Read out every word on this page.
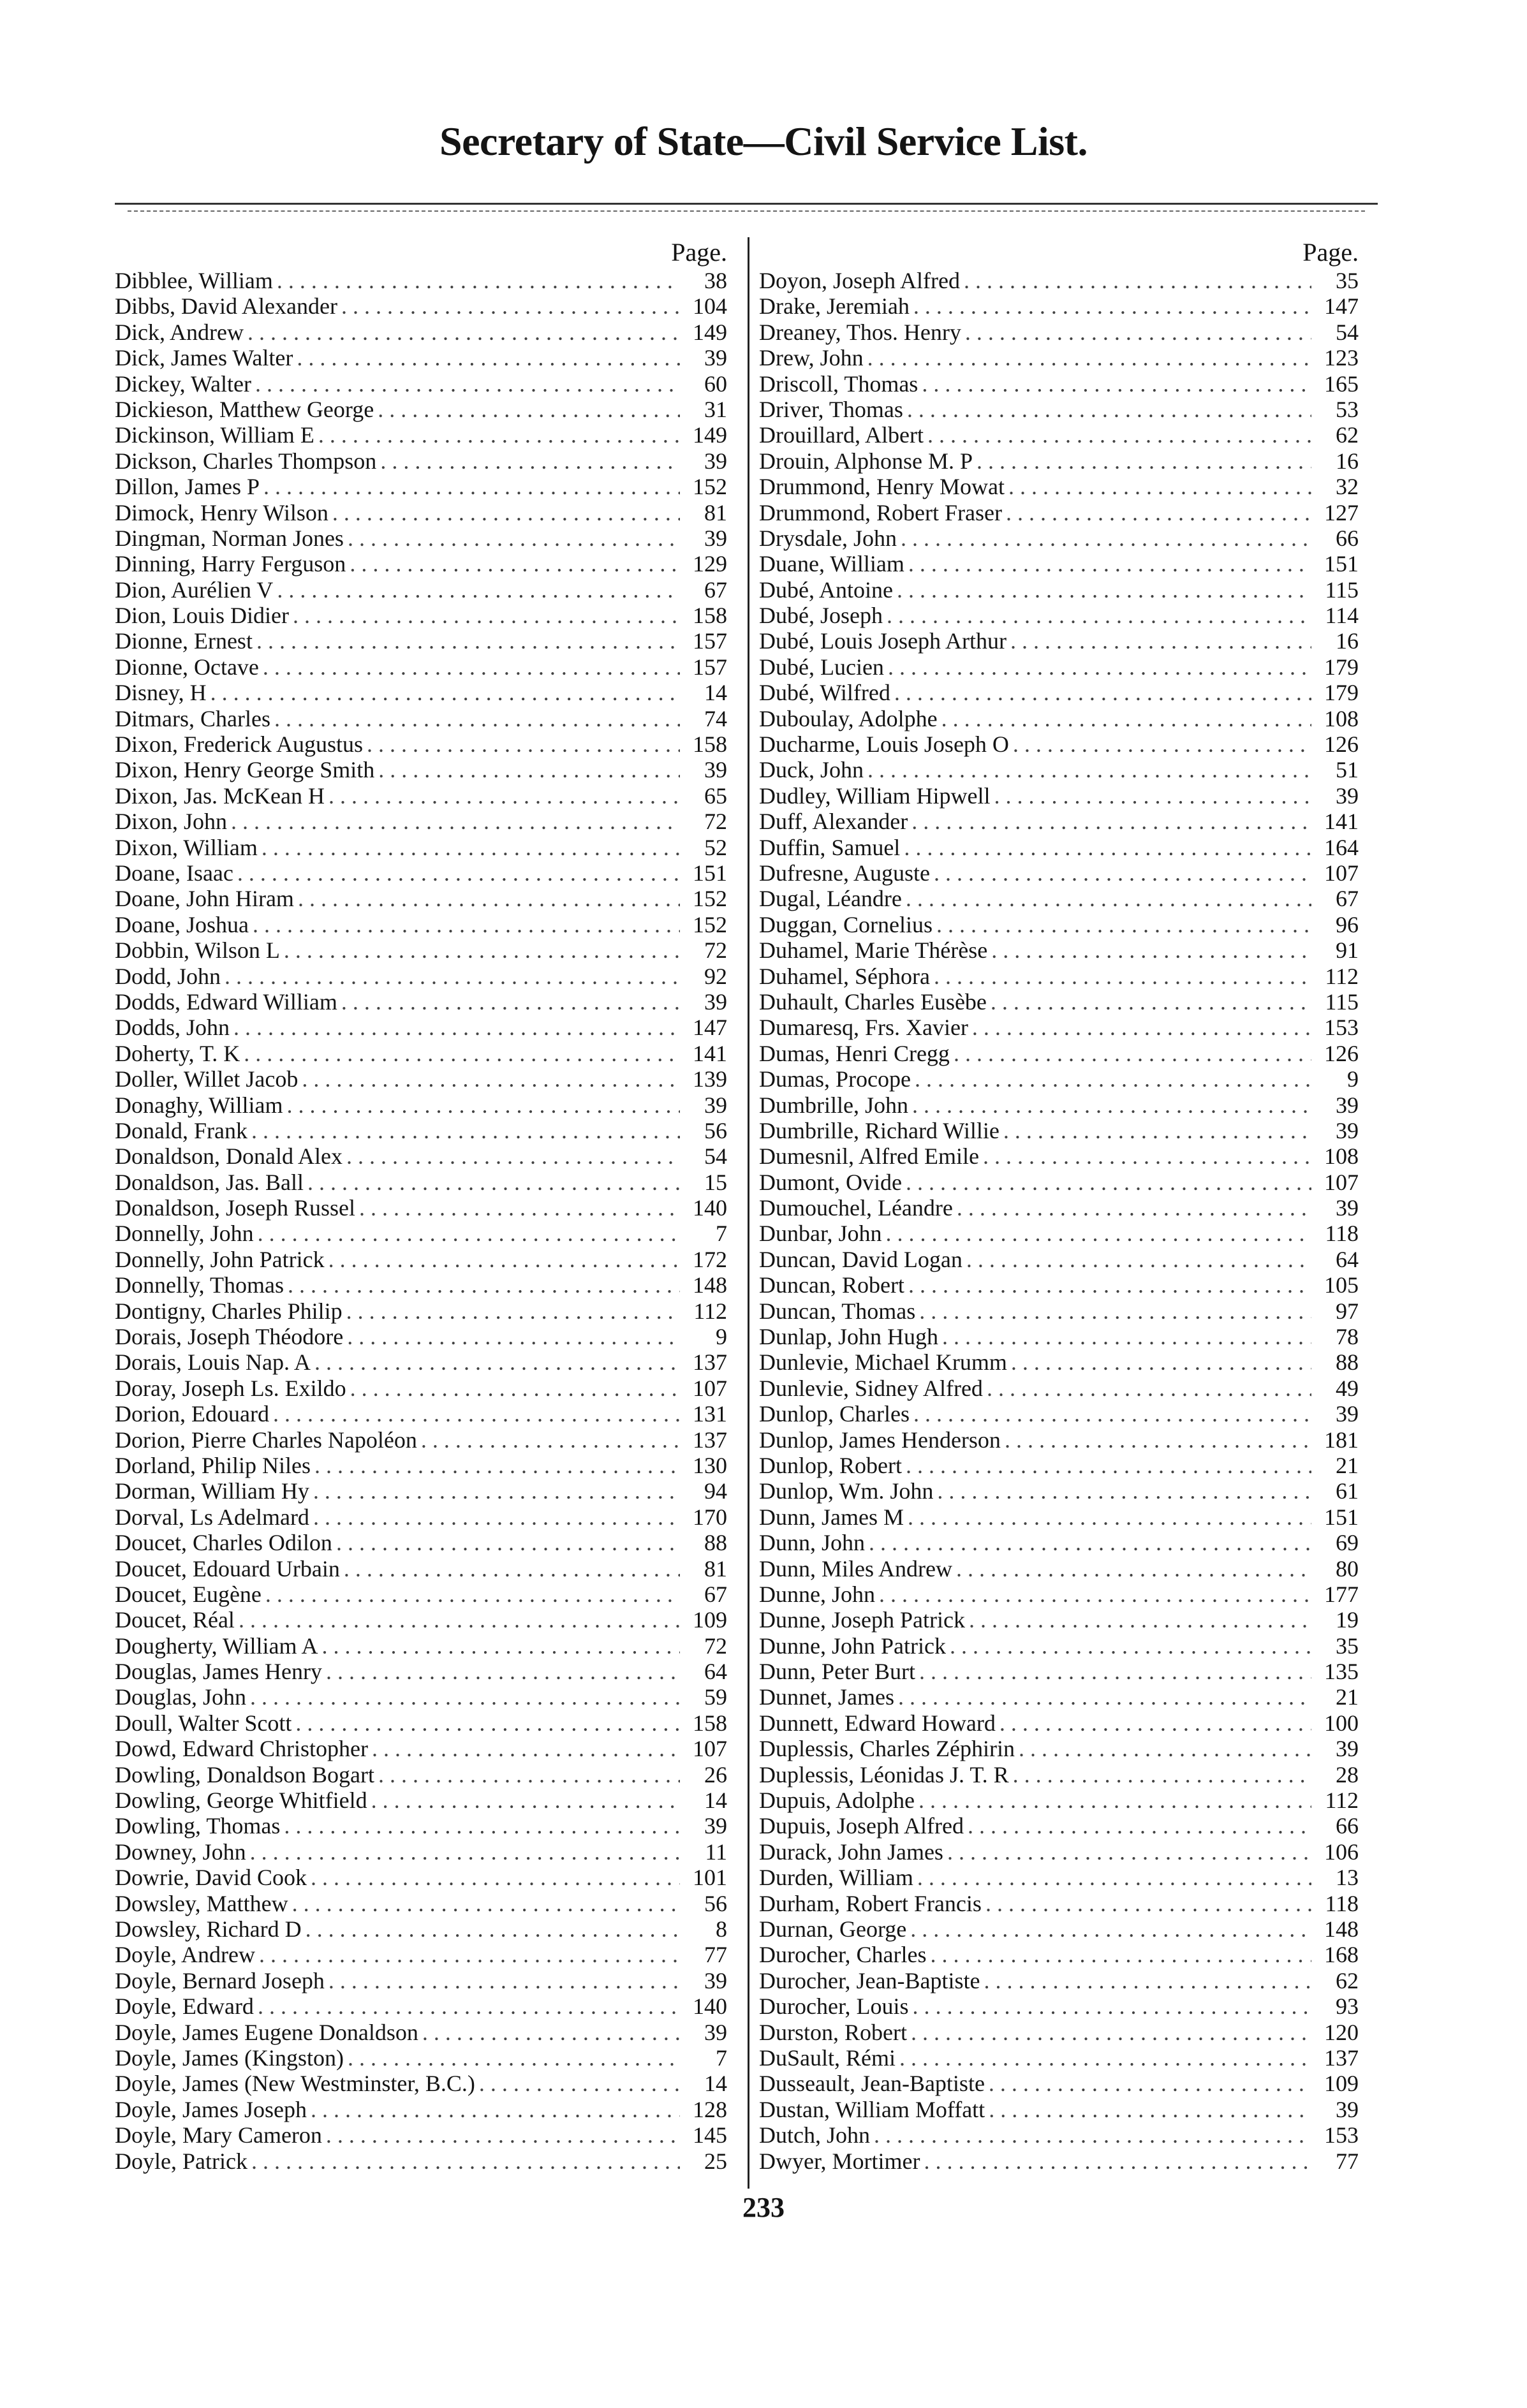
Secretary of State—Civil Service List.
Page.
Dibblee, William . . .	38
Dibbs, David Alexander . . .	104
Dick, Andrew . . .	149
Dick, James Walter . . .	39
Dickey, Walter . . .	60
Dickieson, Matthew George . . .	31
Dickinson, William E . . .	149
Dickson, Charles Thompson . . .	39
Dillon, James P . . .	152
Dimock, Henry Wilson . . .	81
Dingman, Norman Jones . . .	39
Dinning, Harry Ferguson . . .	129
Dion, Aurélien V . . .	67
Dion, Louis Didier . . .	158
Dionne, Ernest . . .	157
Dionne, Octave . . .	157
Disney, H . . .	14
Ditmars, Charles . . .	74
Dixon, Frederick Augustus . . .	158
Dixon, Henry George Smith . . .	39
Dixon, Jas. McKean H . . .	65
Dixon, John . . .	72
Dixon, William . . .	52
Doane, Isaac . . .	151
Doane, John Hiram . . .	152
Doane, Joshua . . .	152
Dobbin, Wilson L . . .	72
Dodd, John . . .	92
Dodds, Edward William . . .	39
Dodds, John . . .	147
Doherty, T. K . . .	141
Doller, Willet Jacob . . .	139
Donaghy, William . . .	39
Donald, Frank . . .	56
Donaldson, Donald Alex . . .	54
Donaldson, Jas. Ball . . .	15
Donaldson, Joseph Russel . . .	140
Donnelly, John . . .	7
Donnelly, John Patrick . . .	172
Donnelly, Thomas . . .	148
Dontigny, Charles Philip . . .	112
Dorais, Joseph Théodore . . .	9
Dorais, Louis Nap. A . . .	137
Doray, Joseph Ls. Exildo . . .	107
Dorion, Edouard . . .	131
Dorion, Pierre Charles Napoléon . . .	137
Dorland, Philip Niles . . .	130
Dorman, William Hy . . .	94
Dorval, Ls Adelmard . . .	170
Doucet, Charles Odilon . . .	88
Doucet, Edouard Urbain . . .	81
Doucet, Eugène . . .	67
Doucet, Réal . . .	109
Dougherty, William A . . .	72
Douglas, James Henry . . .	64
Douglas, John . . .	59
Doull, Walter Scott . . .	158
Dowd, Edward Christopher . . .	107
Dowling, Donaldson Bogart . . .	26
Dowling, George Whitfield . . .	14
Dowling, Thomas . . .	39
Downey, John . . .	11
Dowrie, David Cook . . .	101
Dowsley, Matthew . . .	56
Dowsley, Richard D . . .	8
Doyle, Andrew . . .	77
Doyle, Bernard Joseph . . .	39
Doyle, Edward . . .	140
Doyle, James Eugene Donaldson . . .	39
Doyle, James (Kingston) . . .	7
Doyle, James (New Westminster, B.C.) . . .	14
Doyle, James Joseph . . .	128
Doyle, Mary Cameron . . .	145
Doyle, Patrick . . .	25
Page.
Doyon, Joseph Alfred . . .	35
Drake, Jeremiah . . .	147
Dreaney, Thos. Henry . . .	54
Drew, John . . .	123
Driscoll, Thomas . . .	165
Driver, Thomas . . .	53
Drouillard, Albert . . .	62
Drouin, Alphonse M. P . . .	16
Drummond, Henry Mowat . . .	32
Drummond, Robert Fraser . . .	127
Drysdale, John . . .	66
Duane, William . . .	151
Dubé, Antoine . . .	115
Dubé, Joseph . . .	114
Dubé, Louis Joseph Arthur . . .	16
Dubé, Lucien . . .	179
Dubé, Wilfred . . .	179
Duboulay, Adolphe . . .	108
Ducharme, Louis Joseph O . . .	126
Duck, John . . .	51
Dudley, William Hipwell . . .	39
Duff, Alexander . . .	141
Duffin, Samuel . . .	164
Dufresne, Auguste . . .	107
Dugal, Léandre . . .	67
Duggan, Cornelius . . .	96
Duhamel, Marie Thérèse . . .	91
Duhamel, Séphora . . .	112
Duhault, Charles Eusèbe . . .	115
Dumaresq, Frs. Xavier . . .	153
Dumas, Henri Cregg . . .	126
Dumas, Procope . . .	9
Dumbrille, John . . .	39
Dumbrille, Richard Willie . . .	39
Dumesnil, Alfred Emile . . .	108
Dumont, Ovide . . .	107
Dumouchel, Léandre . . .	39
Dunbar, John . . .	118
Duncan, David Logan . . .	64
Duncan, Robert . . .	105
Duncan, Thomas . . .	97
Dunlap, John Hugh . . .	78
Dunlevie, Michael Krumm . . .	88
Dunlevie, Sidney Alfred . . .	49
Dunlop, Charles . . .	39
Dunlop, James Henderson . . .	181
Dunlop, Robert . . .	21
Dunlop, Wm. John . . .	61
Dunn, James M . . .	151
Dunn, John . . .	69
Dunn, Miles Andrew . . .	80
Dunne, John . . .	177
Dunne, Joseph Patrick . . .	19
Dunne, John Patrick . . .	35
Dunn, Peter Burt . . .	135
Dunnet, James . . .	21
Dunnett, Edward Howard . . .	100
Duplessis, Charles Zéphirin . . .	39
Duplessis, Léonidas J. T. R . . .	28
Dupuis, Adolphe . . .	112
Dupuis, Joseph Alfred . . .	66
Durack, John James . . .	106
Durden, William . . .	13
Durham, Robert Francis . . .	118
Durnan, George . . .	148
Durocher, Charles . . .	168
Durocher, Jean-Baptiste . . .	62
Durocher, Louis . . .	93
Durston, Robert . . .	120
DuSault, Rémi . . .	137
Dusseault, Jean-Baptiste . . .	109
Dustan, William Moffatt . . .	39
Dutch, John . . .	153
Dwyer, Mortimer . . .	77
233
